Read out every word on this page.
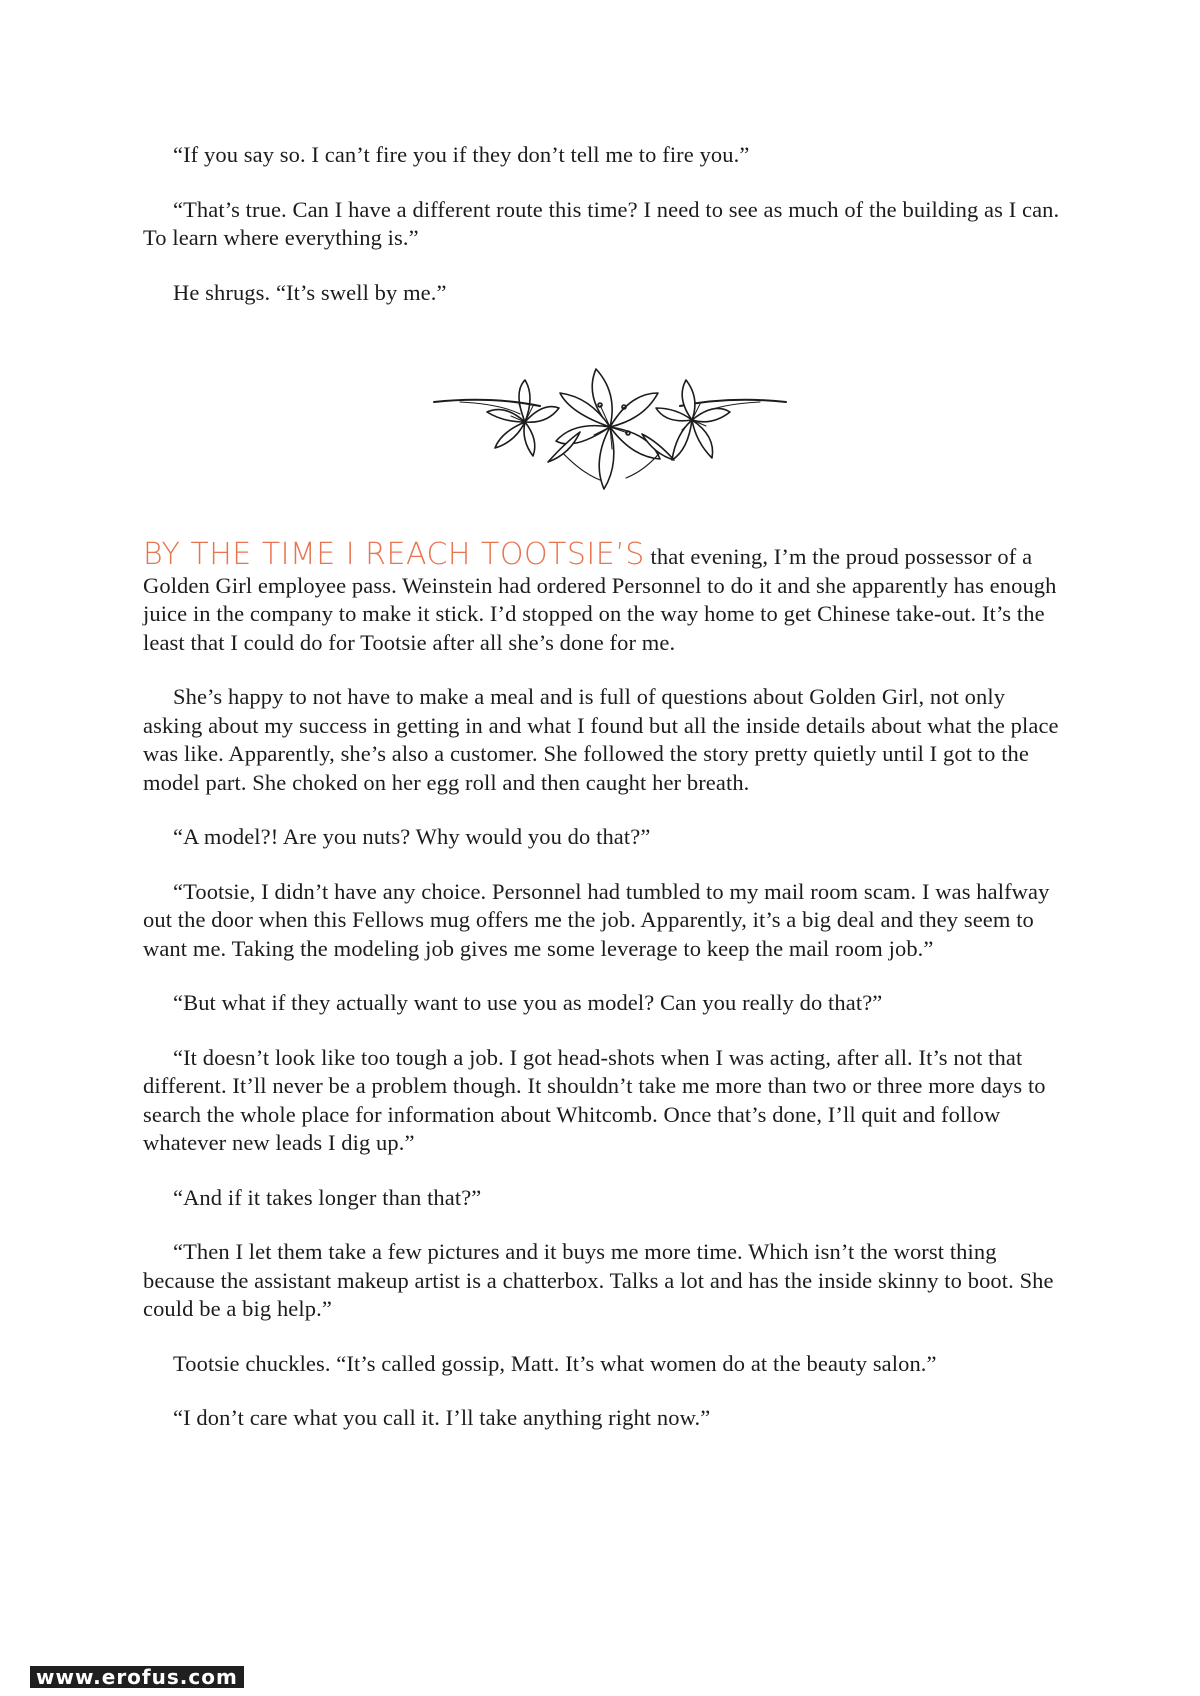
“If you say so. I can’t fire you if they don’t tell me to fire you.”

“That’s true. Can I have a different route this time? I need to see as much of the building as I can. To learn where everything is.”

He shrugs. “It’s swell by me.”

BY THE TIME I REACH TOOTSIE’S that evening, I’m the proud possessor of a Golden Girl employee pass. Weinstein had ordered Personnel to do it and she apparently has enough juice in the company to make it stick. I’d stopped on the way home to get Chinese take-out. It’s the least that I could do for Tootsie after all she’s done for me.

She’s happy to not have to make a meal and is full of questions about Golden Girl, not only asking about my success in getting in and what I found but all the inside details about what the place was like. Apparently, she’s also a customer. She followed the story pretty quietly until I got to the model part. She choked on her egg roll and then caught her breath.

“A model?! Are you nuts? Why would you do that?”

“Tootsie, I didn’t have any choice. Personnel had tumbled to my mail room scam. I was halfway out the door when this Fellows mug offers me the job. Apparently, it’s a big deal and they seem to want me. Taking the modeling job gives me some leverage to keep the mail room job.”

“But what if they actually want to use you as model? Can you really do that?”

“It doesn’t look like too tough a job. I got head-shots when I was acting, after all. It’s not that different. It’ll never be a problem though. It shouldn’t take me more than two or three more days to search the whole place for information about Whitcomb. Once that’s done, I’ll quit and follow whatever new leads I dig up.”

“And if it takes longer than that?”

“Then I let them take a few pictures and it buys me more time. Which isn’t the worst thing because the assistant makeup artist is a chatterbox. Talks a lot and has the inside skinny to boot. She could be a big help.”

Tootsie chuckles. “It’s called gossip, Matt. It’s what women do at the beauty salon.”

“I don’t care what you call it. I’ll take anything right now.”

www.erofus.com
